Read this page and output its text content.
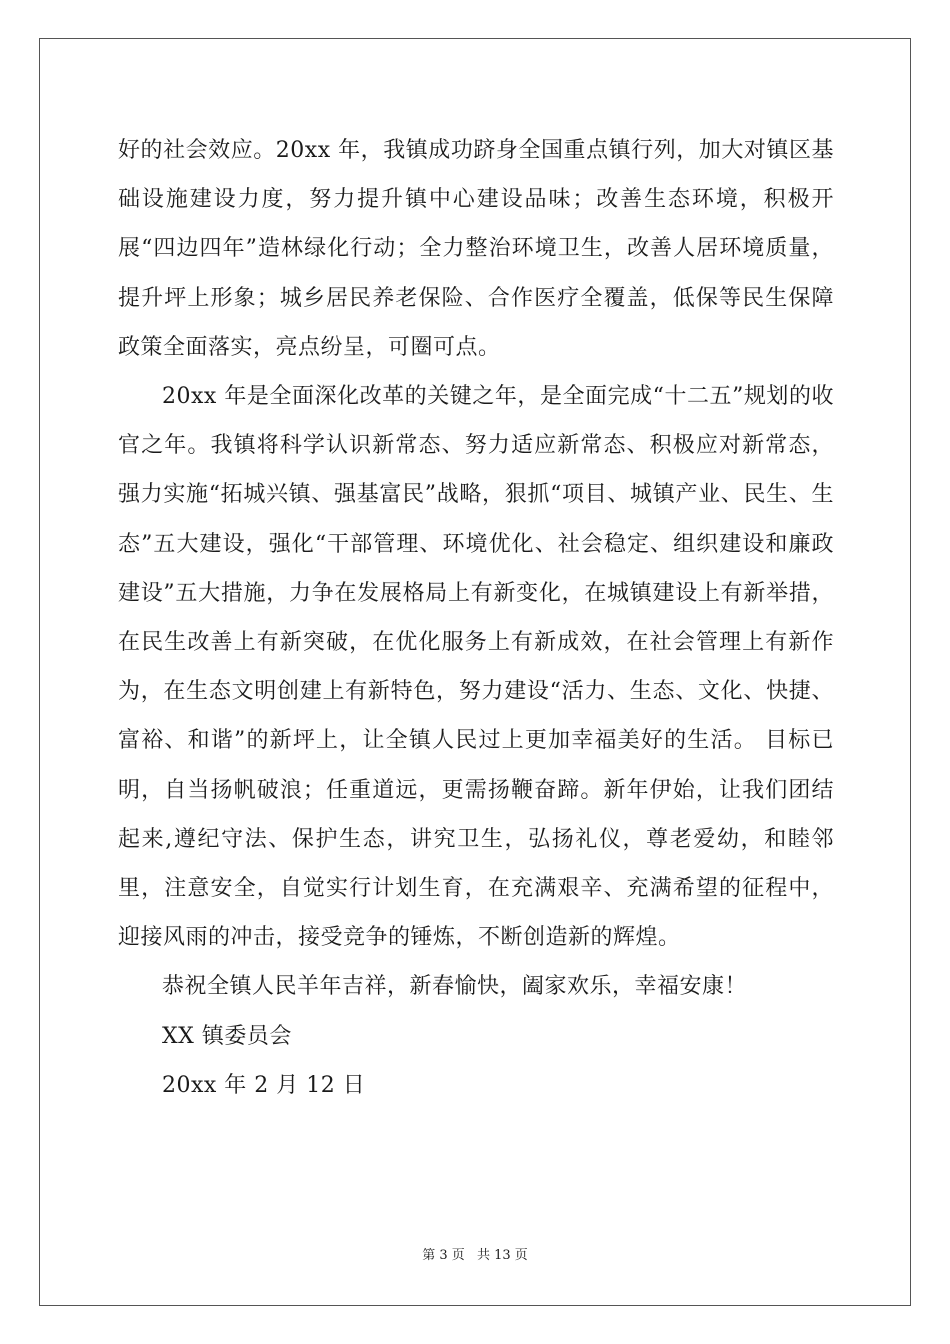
好的社会效应。20xx 年，我镇成功跻身全国重点镇行列，加大对镇区基础设施建设力度，努力提升镇中心建设品味；改善生态环境，积极开展“四边四年”造林绿化行动；全力整治环境卫生，改善人居环境质量，提升坪上形象；城乡居民养老保险、合作医疗全覆盖，低保等民生保障政策全面落实，亮点纷呈，可圈可点。

20xx 年是全面深化改革的关键之年，是全面完成“十二五”规划的收官之年。我镇将科学认识新常态、努力适应新常态、积极应对新常态，强力实施“拓城兴镇、强基富民”战略，狠抓“项目、城镇产业、民生、生态”五大建设，强化“干部管理、环境优化、社会稳定、组织建设和廉政建设”五大措施，力争在发展格局上有新变化，在城镇建设上有新举措，在民生改善上有新突破，在优化服务上有新成效，在社会管理上有新作为，在生态文明创建上有新特色，努力建设“活力、生态、文化、快捷、富裕、和谐”的新坪上，让全镇人民过上更加幸福美好的生活。 目标已明，自当扬帆破浪；任重道远，更需扬鞭奋蹄。新年伊始，让我们团结起来,遵纪守法、保护生态，讲究卫生，弘扬礼仪，尊老爱幼，和睦邻里，注意安全，自觉实行计划生育，在充满艰辛、充满希望的征程中，迎接风雨的冲击，接受竞争的锤炼，不断创造新的辉煌。

恭祝全镇人民羊年吉祥，新春愉快，阖家欢乐，幸福安康！

XX 镇委员会

20xx 年 2 月 12 日

第 3 页 共 13 页
